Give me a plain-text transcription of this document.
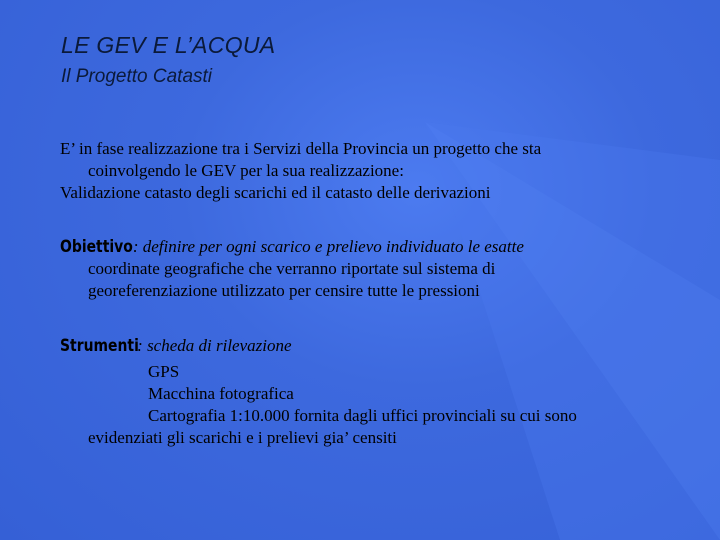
LE GEV E L’ACQUA
Il Progetto Catasti
E’ in fase realizzazione tra i Servizi della Provincia un progetto che sta
coinvolgendo le GEV per la sua realizzazione:
Validazione catasto degli scarichi ed il catasto delle derivazioni
Obiettivo: definire per ogni scarico e prelievo individuato le esatte
coordinate geografiche che verranno riportate sul sistema di
georeferenziazione utilizzato per censire tutte le pressioni
Strumenti: scheda di rilevazione
GPS
Macchina fotografica
Cartografia 1:10.000 fornita dagli uffici provinciali su cui sono
evidenziati gli scarichi e i prelievi gia’ censiti
